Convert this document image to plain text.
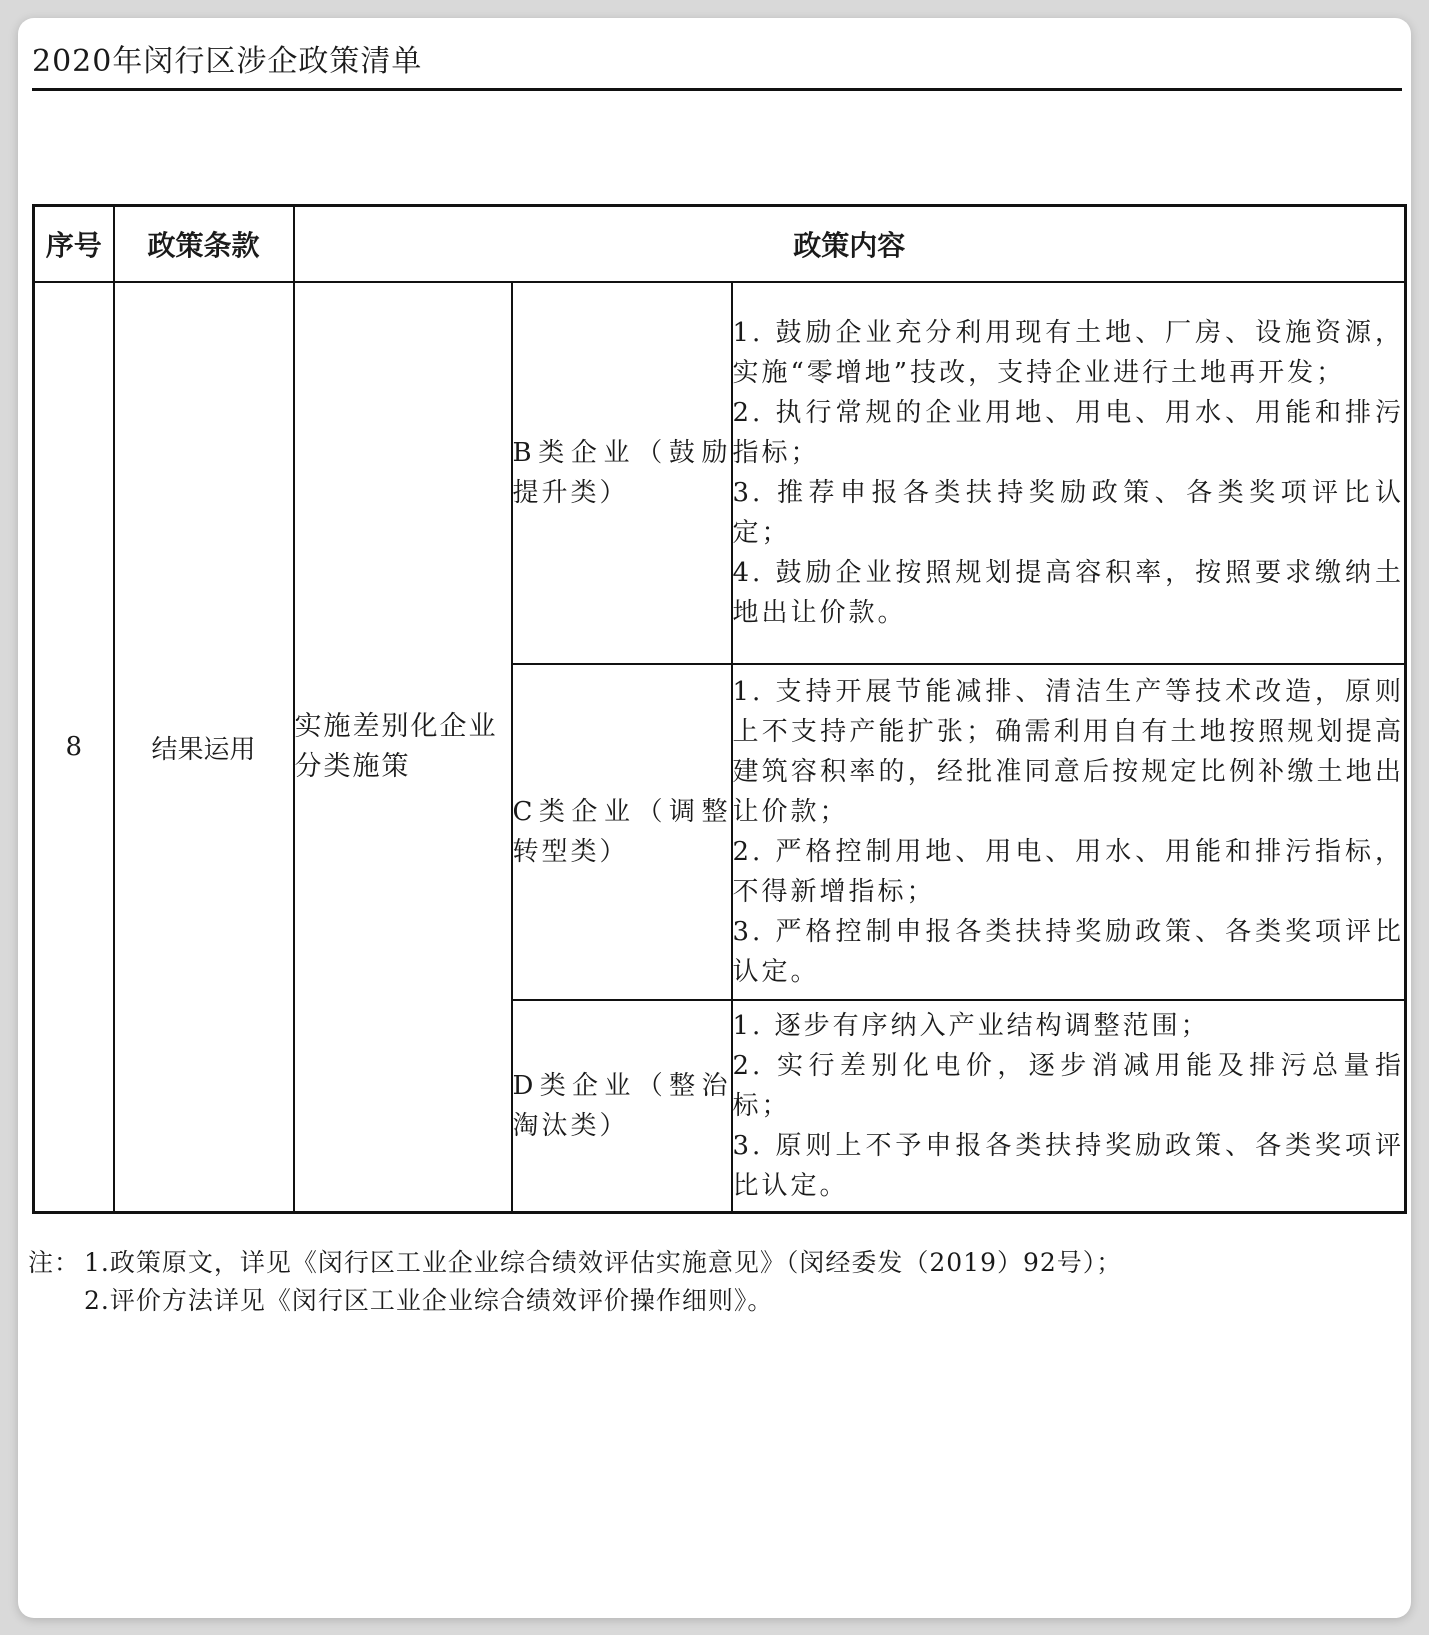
2020年闵行区涉企政策清单
序号	政策条款	政策内容		
8	结果运用	实施差别化企业分类施策	B类企业（鼓励提升类）	1. 鼓励企业充分利用现有土地、厂房、设施资源，实施“零增地”技改，支持企业进行土地再开发；
2. 执行常规的企业用地、用电、用水、用能和排污指标；
3. 推荐申报各类扶持奖励政策、各类奖项评比认定；
4. 鼓励企业按照规划提高容积率，按照要求缴纳土地出让价款。

			C类企业（调整转型类）	1. 支持开展节能减排、清洁生产等技术改造，原则上不支持产能扩张；确需利用自有土地按照规划提高建筑容积率的，经批准同意后按规定比例补缴土地出让价款；
2. 严格控制用地、用电、用水、用能和排污指标，不得新增指标；
3. 严格控制申报各类扶持奖励政策、各类奖项评比认定。

			D类企业（整治淘汰类）	1. 逐步有序纳入产业结构调整范围；
2. 实行差别化电价，逐步消减用能及排污总量指标；
3. 原则上不予申报各类扶持奖励政策、各类奖项评比认定。
注： 1.政策原文，详见《闵行区工业企业综合绩效评估实施意见》（闵经委发（2019）92号）；
2.评价方法详见《闵行区工业企业综合绩效评价操作细则》。
